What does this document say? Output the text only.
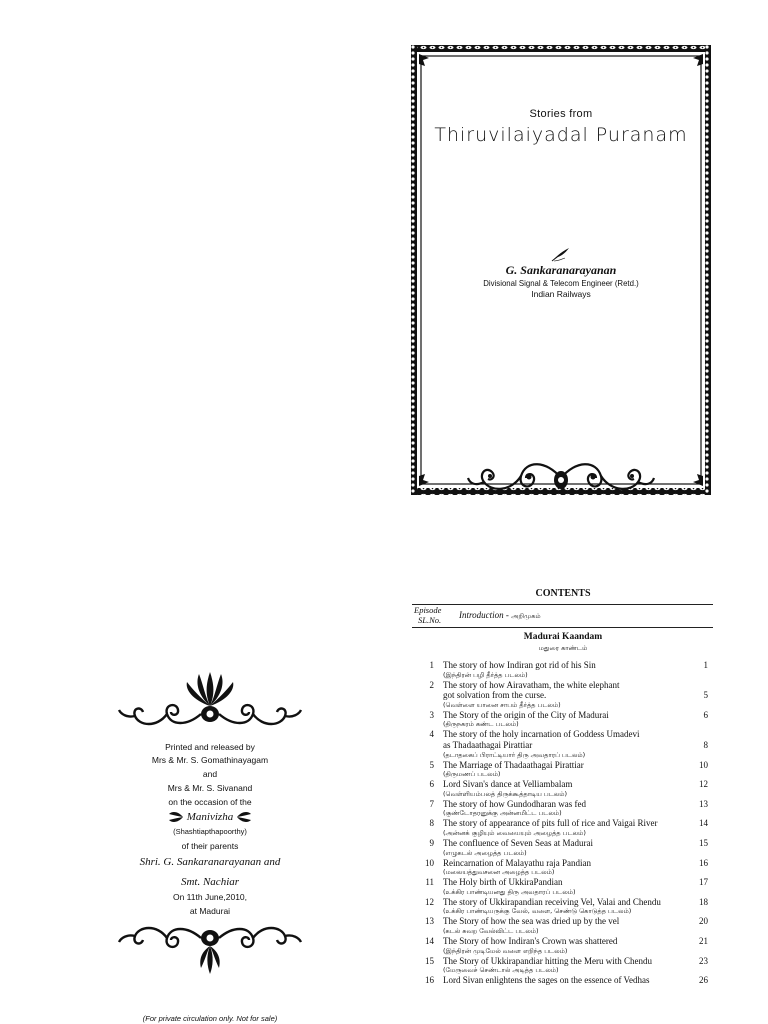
Stories from
Thiruvilaiyadal Puranam
G. Sankaranarayanan
Divisional Signal & Telecom Engineer (Retd.)
Indian Railways
Printed and released by
Mrs & Mr. S. Gomathinayagam
and
Mrs & Mr. S. Sivanand
on the occasion of the
Manivizha
(Shashtiapthapoorthy)
of their parents
Shri. G. Sankaranarayanan and
Smt. Nachiar
On 11th June,2010,
at Madurai
(For private circulation only. Not for sale)
CONTENTS
Episode
SL.No. Introduction - அறிமுகம்
Madurai Kaandam
மதுரை காண்டம்
1 The story of how Indiran got rid of his Sin
(இந்திரன் பழி தீர்த்த படலம்)
1
2 The story of how Airavatham, the white elephant
got solvation from the curse.
(வெள்ளை யானை சாபம் தீர்த்த படலம்)
5
3 The Story of the origin of the City of Madurai
(திருநகரம் கண்ட படலம்)
6
4 The story of the holy incarnation of Goddess Umadevi
as Thadaathagai Pirattiar
(தடாதகைப் பிராட்டியார் திரு அவதாரப் படலம்)
8
5 The Marriage of Thadaathagai Pirattiar
(திருமணப் படலம்)
10
6 Lord Sivan's dance at Velliambalam
(வெள்ளியம்பலத் திருக்கூத்தாடிய படலம்)
12
7 The story of how Gundodharan was fed
(குண்டோதரனுக்கு அன்னமிட்ட படலம்)
13
8 The story of appearance of pits full of rice and Vaigai River
(அன்னக் குழியும் வையையும் அழைத்த படலம்)
14
9 The confluence of Seven Seas at Madurai
(எழுகடல் அழைத்த படலம்)
15
10 Reincarnation of Malayathu raja Pandian
(மலையத்துவசனை அழைத்த படலம்)
16
11 The Holy birth of UkkiraPandian
(உக்கிர பாண்டியனது திரு அவதாரப் படலம்)
17
12 The story of Ukkirapandian receiving Vel, Valai and Chendu
(உக்கிர பாண்டியருக்கு வேல், வளை, செண்டு கொடுத்த படலம்)
18
13 The Story of how the sea was dried up by the vel
(கடல் சுவற வேல்விட்ட படலம்)
20
14 The Story of how Indiran's Crown was shattered
(இந்திரன் முடிமேல் வளை எறிந்த படலம்)
21
15 The Story of Ukkirapandiar hitting the Meru with Chendu
(மேருவைச் செண்டால் அடித்த படலம்)
23
16 Lord Sivan enlightens the sages on the essence of Vedhas	26
